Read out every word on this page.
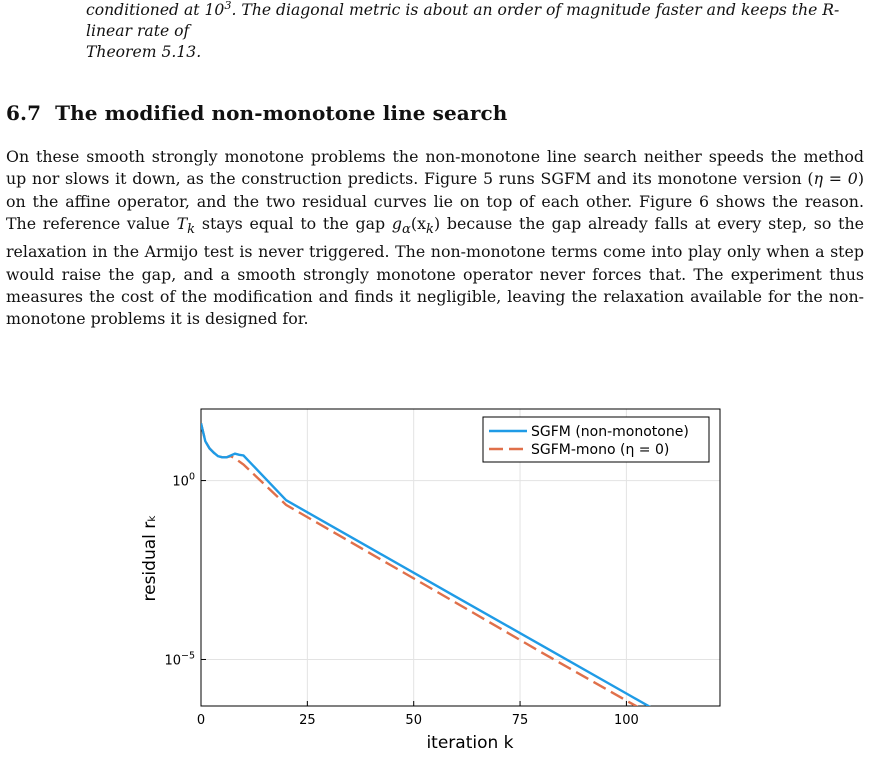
conditioned at $10^3$. The diagonal metric is about an order of magnitude faster and keeps the R-linear rate of
Theorem 5.13.

6.7 The modified non-monotone line search

On these smooth strongly monotone problems the non-monotone line search neither speeds the method up nor slows it down, as the construction predicts. Figure 5 runs SGFM and its monotone version (η = 0) on the affine operator, and the two residual curves lie on top of each other. Figure 6 shows the reason. The reference value $T_k$ stays equal to the gap $g_\alpha(x_k)$ because the gap already falls at every step, so the relaxation in the Armijo test is never triggered. The non-monotone terms come into play only when a step would raise the gap, and a smooth strongly monotone operator never forces that. The experiment thus measures the cost of the modification and finds it negligible, leaving the relaxation available for the non-monotone problems it is designed for.

0	25	50	75	100
$10^0$
$10^{-5}$
iteration k
residual rₖ
SGFM (non-monotone)
SGFM-mono (η = 0)
